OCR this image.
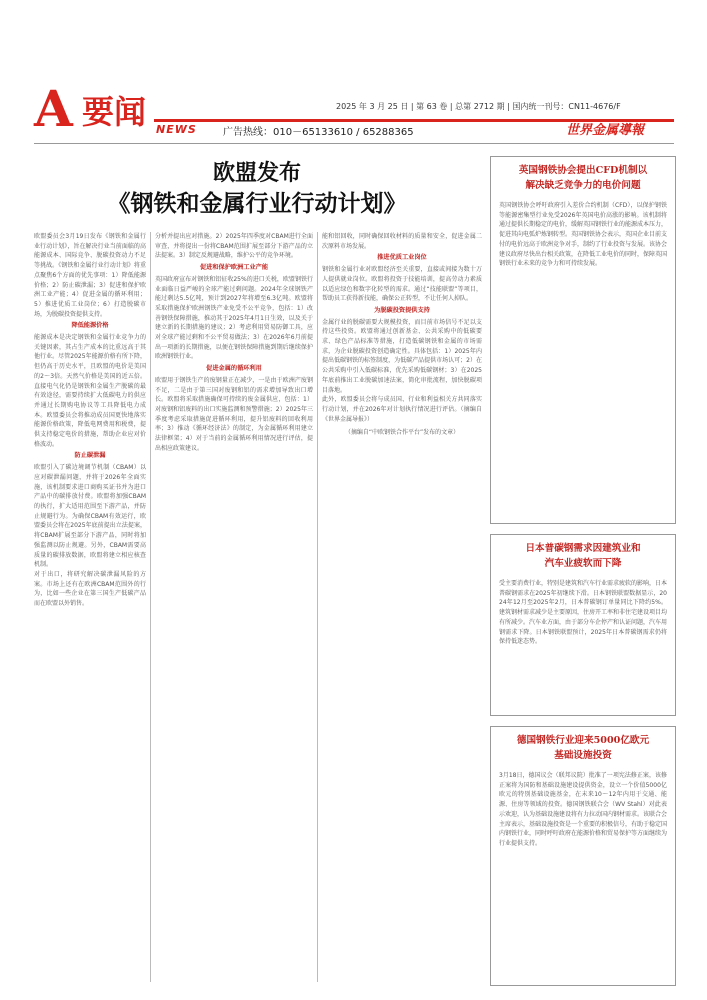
A 要闻	2025 年 3 月 25 日 | 第 63 卷 | 总第 2712 期 | 国内统一刊号：CN11-4676/F
NEWS	广告热线：010－65133610 / 65288365	世界金属導報
欧盟发布
《钢铁和金属行业行动计划》
欧盟委员会3月19日发布《钢铁和金属行业行动计划》，旨在解决行业当前面临的高能源成本、国际竞争、脱碳投资动力不足等挑战。《钢铁和金属行业行动计划》将重点聚焦6个方面的优先事项：1）降低能源价格；2）防止碳泄漏；3）促进和保护欧洲工业产能；4）促进金属的循环利用；5）推进优质工业岗位；6）打造脱碳市场，为脱碳投资提供支持。
降低能源价格
能源成本是决定钢铁和金属行业竞争力的关键因素，其占生产成本的比重远高于其他行业。尽管2025年能源价格有所下降，但仍高于历史水平，且欧盟的电价是美国的2～3倍。天然气价格是美国的近五倍。直接电气化仍是钢铁和金属生产脱碳的最有效途径，需要持续扩大低碳电力的供应并通过长期购电协议等工具降低电力成本。欧盟委员会将推动成员国更快地落实能源价格政策，降低电网费用和税费，提供支持稳定电价的措施，帮助企业应对价格波动。
防止碳泄漏
欧盟引入了碳边境调节机制（CBAM）以应对碳泄漏问题，并将于2026年全面实施，该机制要求进口商购买证书并为进口产品中的碳排放付费。欧盟将加强CBAM的执行，扩大适用范围至下游产品，并防止规避行为。为确保CBAM有效运行，欧盟委员会将在2025年底前提出立法提案，将CBAM扩展至部分下游产品，同时将加强监测以防止规避。另外，CBAM需要高质量的碳排放数据，欧盟将建立相应核查机制。
对于出口，将研究解决碳泄漏风险的方案。市场上还有在欧洲CBAM范围外的行为，比如一些企业在第三国生产低碳产品而在欧盟以外销售。
分析并提出应对措施。2）2025年四季度对CBAM进行全面审查，并将提出一份将CBAM范围扩展至部分下游产品的立法提案。3）制定反规避战略，维护公平的竞争环境。
促进和保护欧洲工业产能
英国政府宣布对钢铁和铝征收25%的进口关税，欧盟钢铁行业面临日益严峻的全球产能过剩问题。2024年全球钢铁产能过剩达5.5亿吨，预计到2027年将增至6.3亿吨。欧盟将采取措施保护欧洲钢铁产业免受不公平竞争，包括：1）改善钢铁保障措施，推动其于2025年4月1日生效，以及关于建立新的长期措施的建议；2）考虑利用贸易防御工具，应对全球产能过剩和不公平贸易做法；3）在2026年6月前提出一项新的长期措施，以便在钢铁保障措施到期后继续保护欧洲钢铁行业。
促进金属的循环利用
欧盟用于钢铁生产的废钢量正在减少，一是由于欧洲产废钢不足，二是由于第三国对废钢和铝的需求增加导致出口增长。欧盟将采取措施确保可持续的废金属供应，包括：1）对废钢和铝废料的出口实施监测和预警措施；2）2025年三季度考虑采取措施促进循环利用，提升铝废料的回收利用率；3）推动《循环经济法》的制定，为金属循环利用建立法律框架；4）对于当前的金属循环利用情况进行评估，提出相应政策建议。
能和铝回收，同时确保回收材料的质量和安全，促进金属二次原料市场发展。
推进优质工业岗位
钢铁和金属行业对欧盟经济至关重要，直接或间接为数十万人提供就业岗位。欧盟将投资于技能培训，提高劳动力素质以适应绿色和数字化转型的需求。通过“技能联盟”等项目，帮助员工获得新技能，确保公正转型，不让任何人掉队。
为脱碳投资提供支持
金属行业的脱碳需要大规模投资，而目前市场信号不足以支持这些投资。欧盟将通过创新基金、公共采购中的低碳要求、绿色产品标准等措施，打造低碳钢铁和金属的市场需求，为企业脱碳投资创造确定性。具体包括：1）2025年内提出低碳钢铁的标签制度，为低碳产品提供市场认可；2）在公共采购中引入低碳标准，优先采购低碳钢材；3）在2025年底前推出工业脱碳加速法案，简化审批流程，加快脱碳项目落地。
此外，欧盟委员会将与成员国、行业和利益相关方共同落实行动计划，并在2026年对计划执行情况进行评估。（摘编自《世界金属导报》）
（摘编自“中欧钢铁合作平台”发布的文章）
英国钢铁协会提出CFD机制以
解决缺乏竞争力的电价问题
英国钢铁协会呼吁政府引入差价合约机制（CFD），以保护钢铁等能源密集型行业免受2026年英国电价高涨的影响。该机制将通过提供长期稳定的电价，缓解英国钢铁行业的能源成本压力，促进其向电弧炉炼钢转型。英国钢铁协会表示，英国企业目前支付的电价远高于欧洲竞争对手，制约了行业投资与发展。该协会建议政府尽快出台相关政策，在降低工业电价的同时，保障英国钢铁行业未来的竞争力和可持续发展。
日本普碳钢需求因建筑业和
汽车业疲软而下降
受主要消费行业，特别是建筑和汽车行业需求疲软的影响，日本普碳钢需求在2025年初继续下滑。日本钢铁联盟数据显示，2024年12月至2025年2月，日本普碳钢订单量同比下降约5%。建筑钢材需求减少是主要原因，住房开工率和非住宅建设项目均有所减少。汽车业方面，由于部分车企停产和认证问题，汽车用钢需求下降。日本钢铁联盟预计，2025年日本普碳钢需求仍将保持低迷态势。
德国钢铁行业迎来5000亿欧元
基础设施投资
3月18日，德国议会（联邦议院）批准了一项宪法修正案，该修正案将为国防和基础设施建设提供资金，设立一个价值5000亿欧元的特别基础设施基金，在未来10～12年内用于交通、能源、住房等领域的投资。德国钢铁联合会（WV Stahl）对此表示欢迎，认为基础设施建设将有力拉动国内钢材需求。该联合会主席表示，基础设施投资是一个重要的积极信号，有助于稳定国内钢铁行业，同时呼吁政府在能源价格和贸易保护等方面继续为行业提供支持。
